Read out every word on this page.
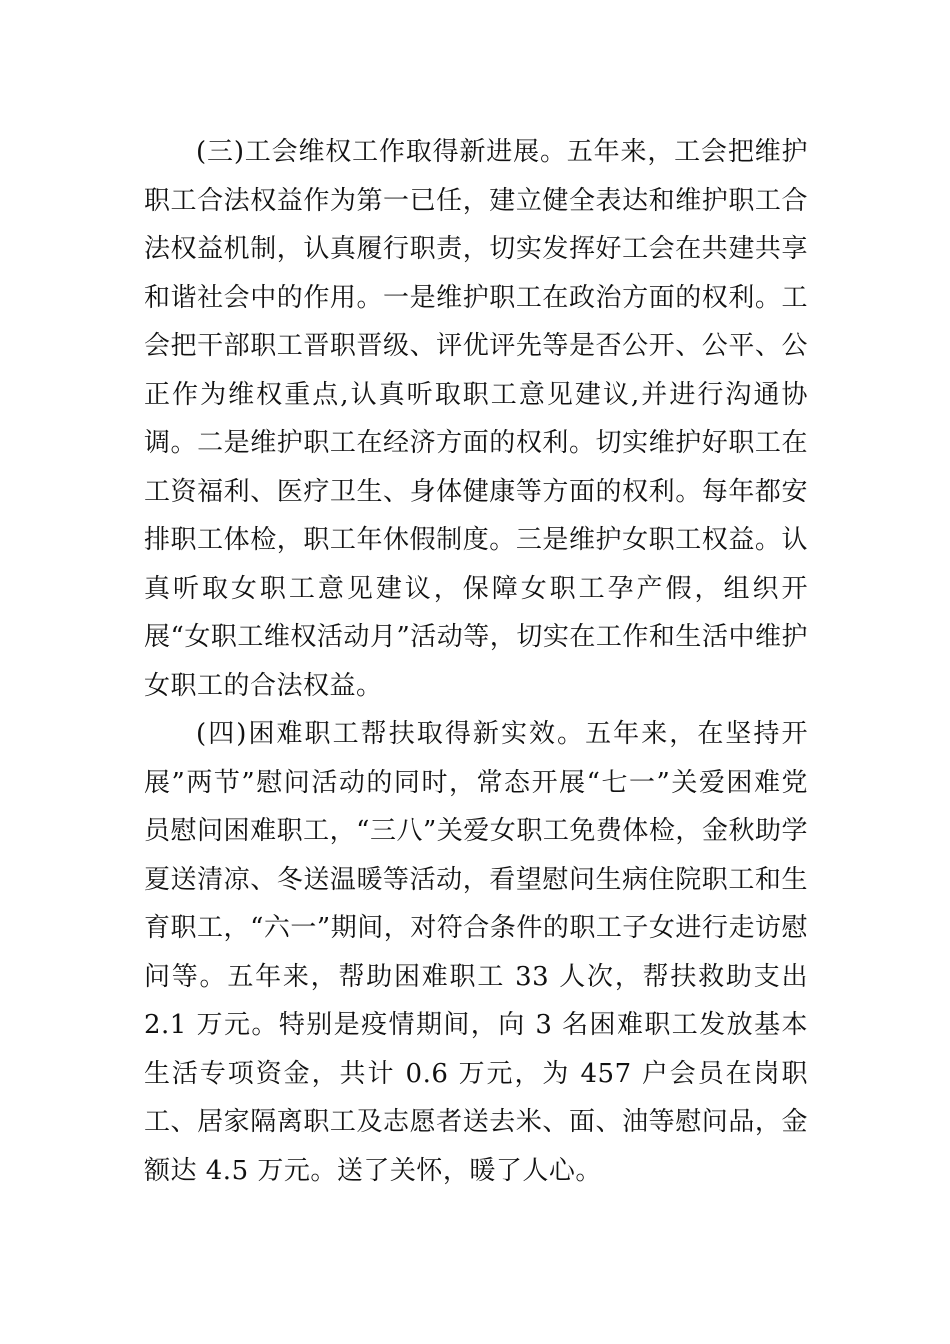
(三)工会维权工作取得新进展。五年来，工会把维护职工合法权益作为第一已任，建立健全表达和维护职工合法权益机制，认真履行职责，切实发挥好工会在共建共享和谐社会中的作用。一是维护职工在政治方面的权利。工会把干部职工晋职晋级、评优评先等是否公开、公平、公正作为维权重点,认真听取职工意见建议,并进行沟通协调。二是维护职工在经济方面的权利。切实维护好职工在工资福利、医疗卫生、身体健康等方面的权利。每年都安排职工体检，职工年休假制度。三是维护女职工权益。认真听取女职工意见建议，保障女职工孕产假，组织开展“女职工维权活动月”活动等，切实在工作和生活中维护女职工的合法权益。

(四)困难职工帮扶取得新实效。五年来，在坚持开展”两节”慰问活动的同时，常态开展“七一”关爱困难党员慰问困难职工，“三八”关爱女职工免费体检，金秋助学夏送清凉、冬送温暖等活动，看望慰问生病住院职工和生育职工，“六一”期间，对符合条件的职工子女进行走访慰问等。五年来，帮助困难职工 33 人次，帮扶救助支出 2.1 万元。特别是疫情期间，向 3 名困难职工发放基本生活专项资金，共计 0.6 万元，为 457 户会员在岗职工、居家隔离职工及志愿者送去米、面、油等慰问品，金额达 4.5 万元。送了关怀，暖了人心。
